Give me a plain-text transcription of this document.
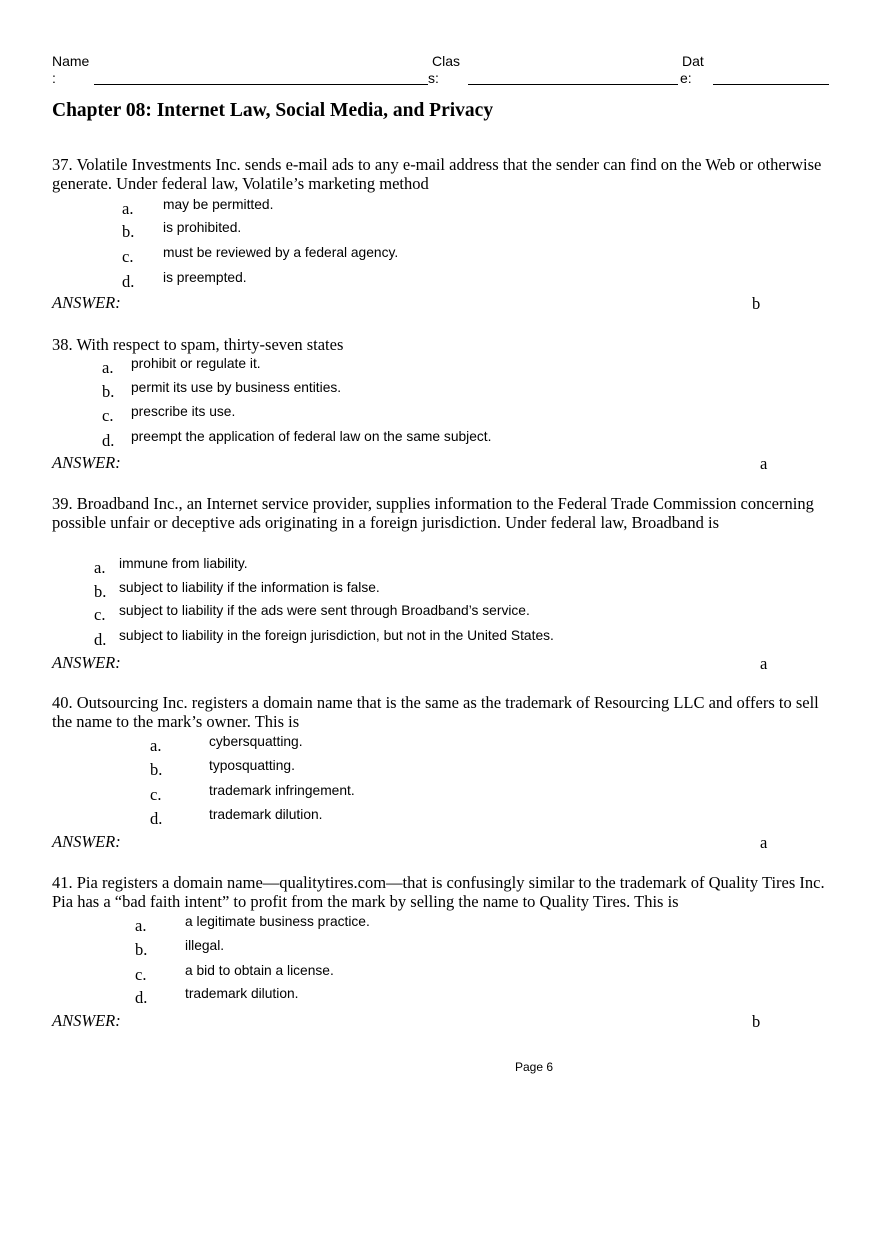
Name
:
Clas
s:
Dat
e:
Chapter 08: Internet Law, Social Media, and Privacy
37. Volatile Investments Inc. sends e-mail ads to any e-mail address that the sender can find on the Web or otherwise generate. Under federal law, Volatile’s marketing method
a. may be permitted.
b. is prohibited.
c. must be reviewed by a federal agency.
d. is preempted.
ANSWER:	b
38. With respect to spam, thirty-seven states
a. prohibit or regulate it.
b. permit its use by business entities.
c. prescribe its use.
d. preempt the application of federal law on the same subject.
ANSWER:	a
39. Broadband Inc., an Internet service provider, supplies information to the Federal Trade Commission concerning possible unfair or deceptive ads originating in a foreign jurisdiction. Under federal law, Broadband is
a. immune from liability.
b. subject to liability if the information is false.
c. subject to liability if the ads were sent through Broadband’s service.
d. subject to liability in the foreign jurisdiction, but not in the United States.
ANSWER:	a
40. Outsourcing Inc. registers a domain name that is the same as the trademark of Resourcing LLC and offers to sell the name to the mark’s owner. This is
a.	cybersquatting.
b.	typosquatting.
c.	trademark infringement.
d.	trademark dilution.
ANSWER:	a
41. Pia registers a domain name—qualitytires.com—that is confusingly similar to the trademark of Quality Tires Inc. Pia has a “bad faith intent” to profit from the mark by selling the name to Quality Tires. This is
a.	a legitimate business practice.
b.	illegal.
c.	a bid to obtain a license.
d.	trademark dilution.
ANSWER:	b
Page 6
